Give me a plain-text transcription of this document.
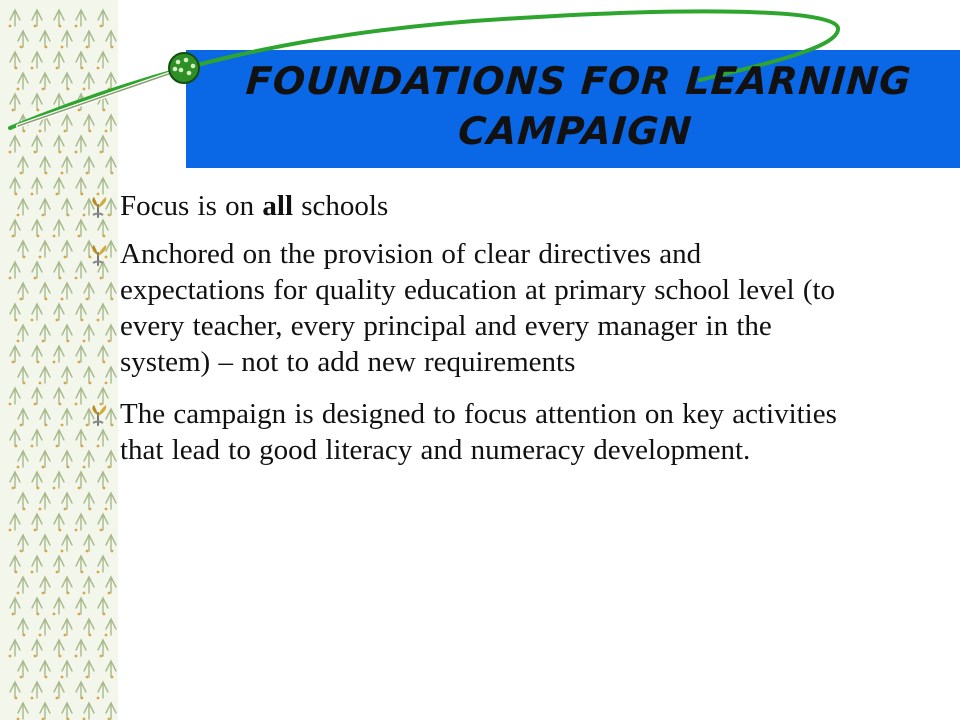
FOUNDATIONS FOR LEARNING CAMPAIGN
Focus is on all schools
Anchored on the provision of clear directives and expectations for quality education at primary school level (to every teacher, every principal and every manager in the system) – not to add new requirements
The campaign is designed to focus attention on key activities that lead to good literacy and numeracy development.
